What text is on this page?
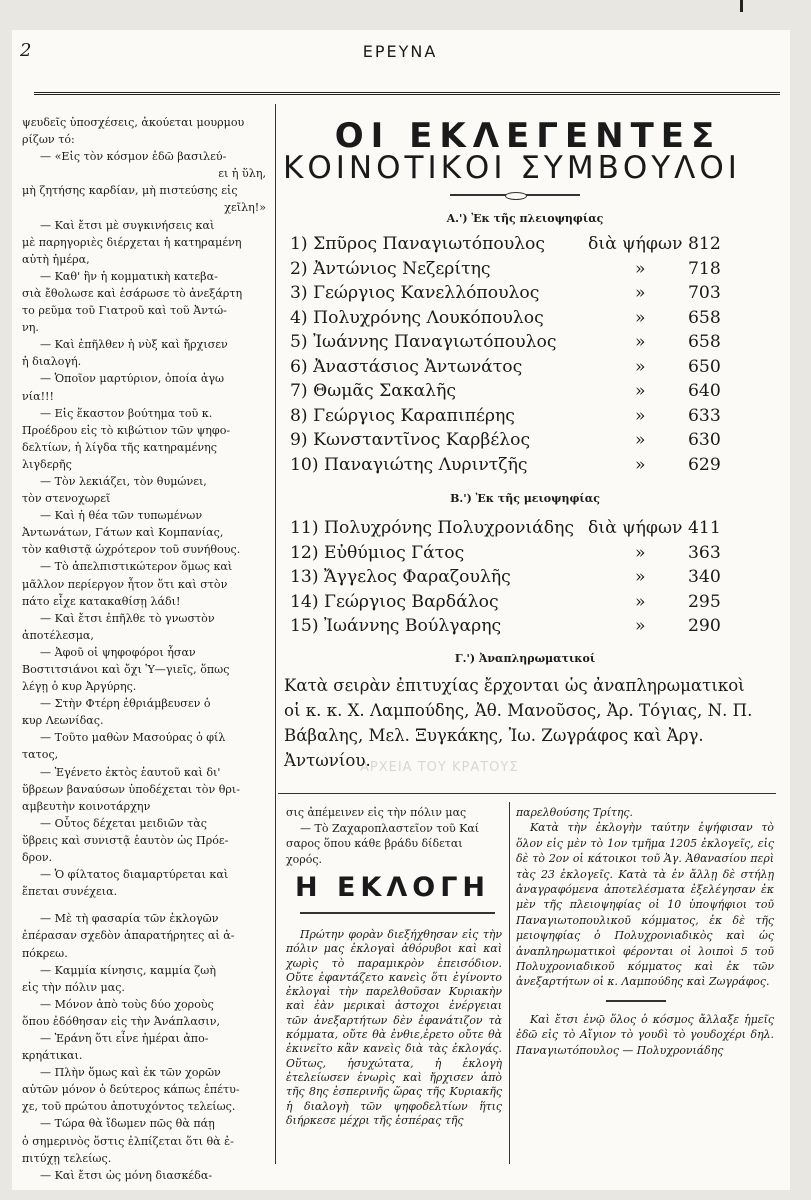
2	ΕΡΕΥΝΑ

ψευδεῖς ὑποσχέσεις, ἀκούεται μουρμου

ρίζων τό:

— «Εἰς τὸν κόσμον ἐδῶ βασιλεύ-

ει ἡ ὕλη,

μὴ ζητήσης καρδίαν, μὴ πιστεύσης εἰς

χεῖλη!»

— Καὶ ἔτσι μὲ συγκινήσεις καὶ

μὲ παρηγοριὲς διέρχεται ἡ κατηραμένη

αὐτὴ ἡμέρα,

— Καθ' ἣν ἡ κομματικὴ κατεβα-

σιὰ ἔθολωσε καὶ ἐσάρωσε τὸ ἀνεξάρτη

το ρεῦμα τοῦ Γιατροῦ καὶ τοῦ Ἀντώ-

νη.

— Καὶ ἐπῆλθεν ἡ νὺξ καὶ ἤρχισεν

ἡ διαλογή.

— Ὁποῖον μαρτύριον, ὁποία ἀγω

νία!!!

— Εἰς ἕκαστον βούτημα τοῦ κ.

Προέδρου εἰς τὸ κιβώτιον τῶν ψηφο-

δελτίων, ἡ λίγδα τῆς κατηραμένης

λιγδερῆς

— Τὸν λεκιάζει, τὸν θυμώνει,

τὸν στενοχωρεῖ

— Καὶ ἡ θέα τῶν τυπωμένων

Ἀντωνάτων, Γάτων καὶ Κομπανίας,

τὸν καθιστᾷ ὠχρότερον τοῦ συνήθους.

— Τὸ ἀπελπιστικώτερον ὅμως καὶ

μᾶλλον περίεργον ἦτον ὅτι καὶ στὸν

πάτο εἶχε κατακαθίσῃ λάδι!

— Καὶ ἔτσι ἐπῆλθε τὸ γνωστὸν

ἀποτέλεσμα,

— Ἀφοῦ οἱ ψηφοφόροι ἦσαν

Βοστιτσιάνοι καὶ ὄχι Ὑ—γιεῖς, ὅπως

λέγῃ ὁ κυρ Ἀργύρης.

— Στὴν Φτέρη ἐθριάμβευσεν ὁ

κυρ Λεωνίδας.

— Τοῦτο μαθὼν Μασούρας ὁ φίλ

τατος,

— Ἐγένετο ἐκτὸς ἑαυτοῦ καὶ δι'

ὕβρεων βαναύσων ὑποδέχεται τὸν θρι-

αμβευτὴν κοινοτάρχην

— Οὗτος δέχεται μειδιῶν τὰς

ὕβρεις καὶ συνιστᾷ ἑαυτὸν ὡς Πρόε-

δρον.

— Ὁ φίλτατος διαμαρτύρεται καὶ

ἕπεται συνέχεια.

— Μὲ τὴ φασαρία τῶν ἐκλογῶν

ἐπέρασαν σχεδὸν ἀπαρατήρητες αἱ ἀ-

πόκρεω.

— Καμμία κίνησις, καμμία ζωὴ

εἰς τὴν πόλιν μας.

— Μόνον ἀπὸ τοὺς δύο χοροὺς

ὅπου ἐδόθησαν εἰς τὴν Ἀνάπλασιν,

— Ἐράνη ὅτι εἶνε ἡμέραι ἀπο-

κρηάτικαι.

— Πλὴν ὅμως καὶ ἐκ τῶν χορῶν

αὐτῶν μόνον ὁ δεύτερος κάπως ἐπέτυ-

χε, τοῦ πρώτου ἀποτυχόντος τελείως.

— Τώρα θὰ ἴδωμεν πῶς θὰ πάῃ

ὁ σημερινὸς ὅστις ἐλπίζεται ὅτι θὰ ἐ-

πιτύχῃ τελείως.

— Καὶ ἔτσι ὡς μόνη διασκέδα-

ΟΙ ΕΚΛΕΓΕΝΤΕΣ
ΚΟΙΝΟΤΙΚΟΙ ΣΥΜΒΟΥΛΟΙ
Α.') Ἐκ τῆς πλειοψηφίας
1) Σπῦρος Παναγιωτόπουλος διὰ ψήφων 812
2) Ἀντώνιος Νεζερίτης	» 718
3) Γεώργιος Κανελλόπουλος	» 703
4) Πολυχρόνης Λουκόπουλος	» 658
5) Ἰωάννης Παναγιωτόπουλος	» 658
6) Ἀναστάσιος Ἀντωνάτος	» 650
7) Θωμᾶς Σακαλῆς	» 640
8) Γεώργιος Καραπιπέρης	» 633
9) Κωνσταντῖνος Καρβέλος	» 630
10) Παναγιώτης Λυριντζῆς	» 629
Β.') Ἐκ τῆς μειοψηφίας
11) Πολυχρόνης Πολυχρονιάδης διὰ ψήφων 411
12) Εὐθύμιος Γάτος	» 363
13) Ἄγγελος Φαραζουλῆς	» 340
14) Γεώργιος Βαρδάλος	» 295
15) Ἰωάννης Βούλγαρης	» 290
Γ.') Ἀναπληρωματικοί

Κατὰ σειρὰν ἐπιτυχίας ἔρχονται ὡς ἀναπληρωματικοὶ οἱ κ. κ. Χ. Λαμπούδης, Ἀθ. Μανοῦσος, Ἀρ. Τόγιας, Ν. Π. Βάβαλης, Μελ. Ξυγκάκης, Ἰω. Ζωγράφος καὶ Ἀργ. Ἀντωνίου.

ΑΡΧΕΙΑ ΤΟΥ ΚΡΑΤΟΥΣ

σις ἀπέμεινεν εἰς τὴν πόλιν μας

— Τὸ Ζαχαροπλαστεῖον τοῦ Καί

σαρος ὅπου κάθε βράδυ δίδεται χορός.

Η ΕΚΛΟΓΗ

Πρώτην φορὰν διεξήχθησαν εἰς τὴν πόλιν μας ἐκλογαὶ ἀθόρυβοι καὶ καὶ χωρὶς τὸ παραμικρὸν ἐπεισόδιον. Οὔτε ἐφαντάζετο κανεὶς ὅτι ἐγίνοντο ἐκλογαὶ τὴν παρελθοῦσαν Κυριακὴν καὶ ἐὰν μερικαὶ ἀστοχοι ἐνέργειαι τῶν ἀνεξαρτήτων δὲν ἐφανάτιζον τὰ κόμματα, οὔτε θὰ ἐνθιε,ἐρετο οὔτε θὰ ἐκινεῖτο κἂν κανεὶς διὰ τὰς ἐκλογάς. Οὕτως, ἡσυχώτατα, ἡ ἐκλογὴ ἐτελείωσεν ἐνωρὶς καὶ ἤρχισεν ἀπὸ τῆς 8ης ἑσπερινῆς ὥρας τῆς Κυριακῆς ἡ διαλογὴ τῶν ψηφοδελτίων ἥτις διήρκεσε μέχρι τῆς ἑσπέρας τῆς

παρελθούσης Τρίτης.

Κατὰ τὴν ἐκλογὴν ταύτην ἐψήφισαν τὸ ὅλον εἰς μὲν τὸ 1ον τμῆμα 1205 ἐκλογεῖς, εἰς δὲ τὸ 2ον οἱ κάτοικοι τοῦ Ἁγ. Ἀθανασίου περὶ τὰς 23 ἐκλογεῖς. Κατὰ τὰ ἐν ἄλλῃ δὲ στήλῃ ἀναγραφόμενα ἀποτελέσματα ἐξελέγησαν ἐκ μὲν τῆς πλειοψηφίας οἱ 10 ὑποψήφιοι τοῦ Παναγιωτοπουλικοῦ κόμματος, ἐκ δὲ τῆς μειοψηφίας ὁ Πολυχρονιαδικὸς καὶ ὡς ἀναπληρωματικοὶ φέρονται οἱ λοιποὶ 5 τοῦ Πολυχρονιαδικοῦ κόμματος καὶ ἐκ τῶν ἀνεξαρτήτων οἱ κ. Λαμπούδης καὶ Ζωγράφος.

Καὶ ἔτσι ἐνῷ ὅλος ὁ κόσμος ἄλλαξε ἡμεῖς ἐδῶ εἰς τὸ Αἴγιον τὸ γουδὶ τὸ γουδοχέρι δηλ. Παναγιωτόπουλος — Πολυχρονιάδης
